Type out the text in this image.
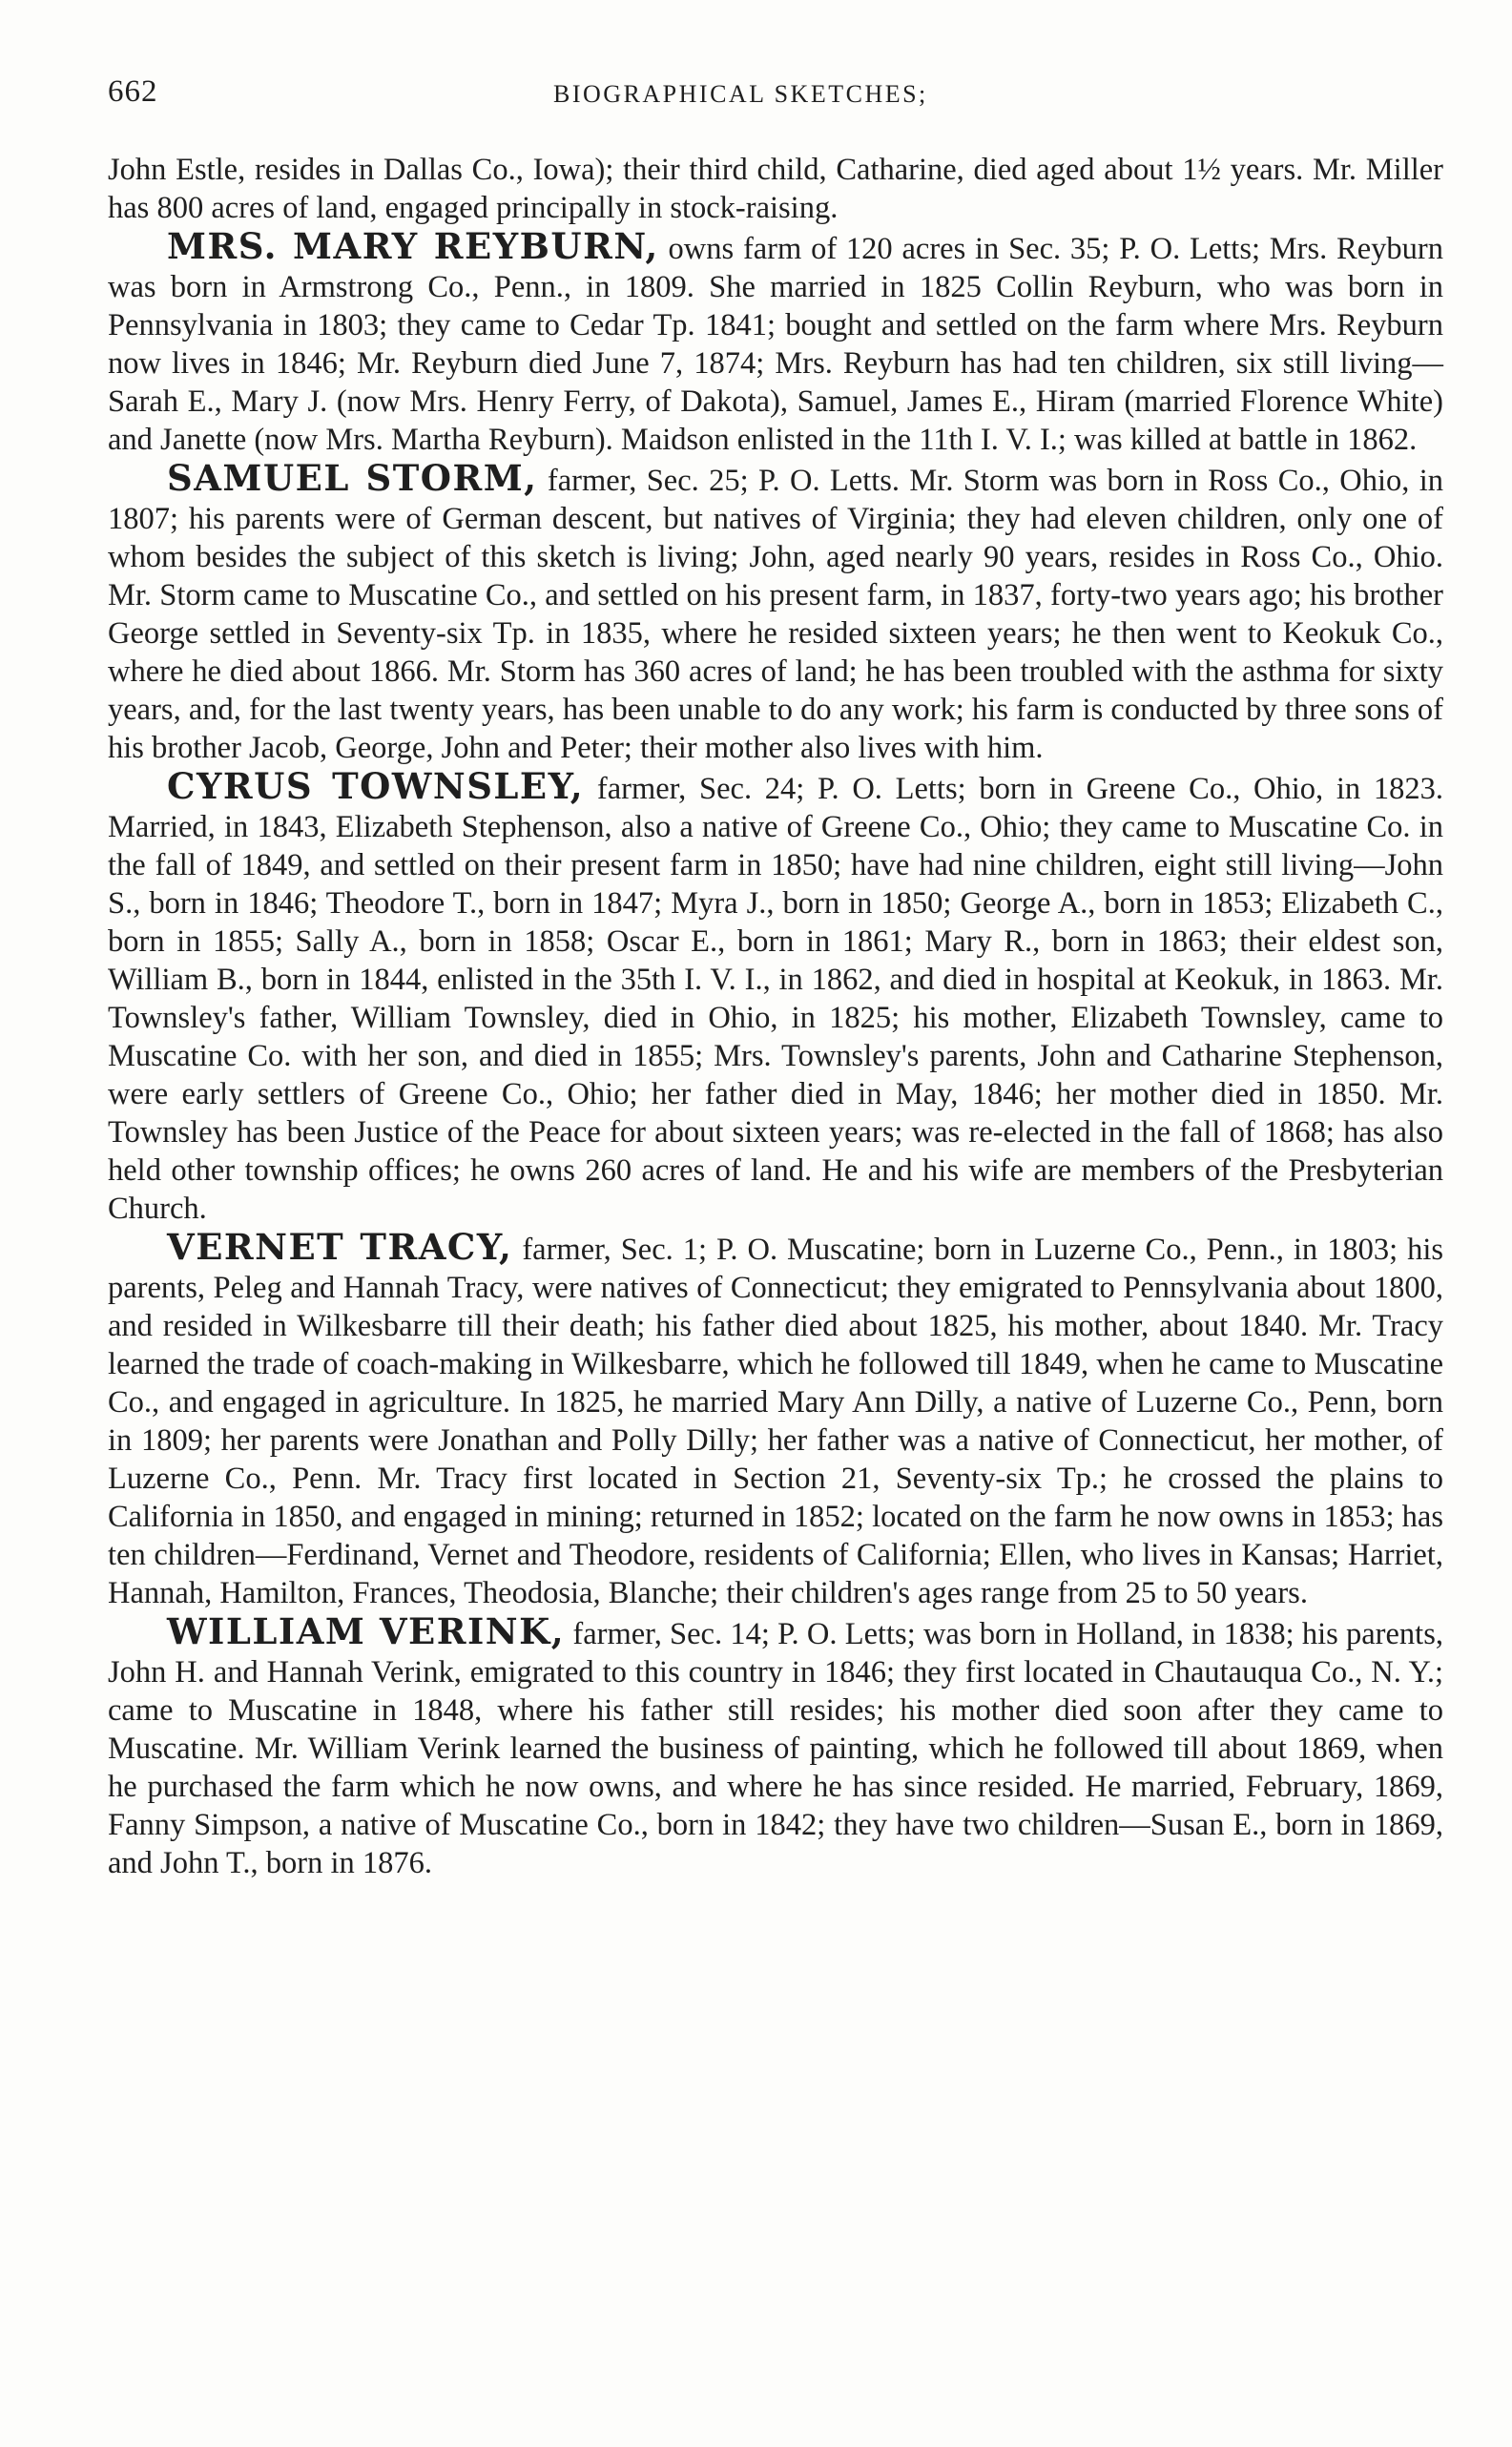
662	BIOGRAPHICAL SKETCHES;

John Estle, resides in Dallas Co., Iowa); their third child, Catharine, died aged about 1½ years. Mr. Miller has 800 acres of land, engaged principally in stock-raising.

MRS. MARY REYBURN, owns farm of 120 acres in Sec. 35; P. O. Letts; Mrs. Reyburn was born in Armstrong Co., Penn., in 1809. She married in 1825 Collin Reyburn, who was born in Pennsylvania in 1803; they came to Cedar Tp. 1841; bought and settled on the farm where Mrs. Reyburn now lives in 1846; Mr. Reyburn died June 7, 1874; Mrs. Reyburn has had ten children, six still living—Sarah E., Mary J. (now Mrs. Henry Ferry, of Dakota), Samuel, James E., Hiram (married Florence White) and Janette (now Mrs. Martha Reyburn). Maidson enlisted in the 11th I. V. I.; was killed at battle in 1862.

SAMUEL STORM, farmer, Sec. 25; P. O. Letts. Mr. Storm was born in Ross Co., Ohio, in 1807; his parents were of German descent, but natives of Virginia; they had eleven children, only one of whom besides the subject of this sketch is living; John, aged nearly 90 years, resides in Ross Co., Ohio. Mr. Storm came to Muscatine Co., and settled on his present farm, in 1837, forty-two years ago; his brother George settled in Seventy-six Tp. in 1835, where he resided sixteen years; he then went to Keokuk Co., where he died about 1866. Mr. Storm has 360 acres of land; he has been troubled with the asthma for sixty years, and, for the last twenty years, has been unable to do any work; his farm is conducted by three sons of his brother Jacob, George, John and Peter; their mother also lives with him.

CYRUS TOWNSLEY, farmer, Sec. 24; P. O. Letts; born in Greene Co., Ohio, in 1823. Married, in 1843, Elizabeth Stephenson, also a native of Greene Co., Ohio; they came to Muscatine Co. in the fall of 1849, and settled on their present farm in 1850; have had nine children, eight still living—John S., born in 1846; Theodore T., born in 1847; Myra J., born in 1850; George A., born in 1853; Elizabeth C., born in 1855; Sally A., born in 1858; Oscar E., born in 1861; Mary R., born in 1863; their eldest son, William B., born in 1844, enlisted in the 35th I. V. I., in 1862, and died in hospital at Keokuk, in 1863. Mr. Townsley's father, William Townsley, died in Ohio, in 1825; his mother, Elizabeth Townsley, came to Muscatine Co. with her son, and died in 1855; Mrs. Townsley's parents, John and Catharine Stephenson, were early settlers of Greene Co., Ohio; her father died in May, 1846; her mother died in 1850. Mr. Townsley has been Justice of the Peace for about sixteen years; was re-elected in the fall of 1868; has also held other township offices; he owns 260 acres of land. He and his wife are members of the Presbyterian Church.

VERNET TRACY, farmer, Sec. 1; P. O. Muscatine; born in Luzerne Co., Penn., in 1803; his parents, Peleg and Hannah Tracy, were natives of Connecticut; they emigrated to Pennsylvania about 1800, and resided in Wilkesbarre till their death; his father died about 1825, his mother, about 1840. Mr. Tracy learned the trade of coach-making in Wilkesbarre, which he followed till 1849, when he came to Muscatine Co., and engaged in agriculture. In 1825, he married Mary Ann Dilly, a native of Luzerne Co., Penn, born in 1809; her parents were Jonathan and Polly Dilly; her father was a native of Connecticut, her mother, of Luzerne Co., Penn. Mr. Tracy first located in Section 21, Seventy-six Tp.; he crossed the plains to California in 1850, and engaged in mining; returned in 1852; located on the farm he now owns in 1853; has ten children—Ferdinand, Vernet and Theodore, residents of California; Ellen, who lives in Kansas; Harriet, Hannah, Hamilton, Frances, Theodosia, Blanche; their children's ages range from 25 to 50 years.

WILLIAM VERINK, farmer, Sec. 14; P. O. Letts; was born in Holland, in 1838; his parents, John H. and Hannah Verink, emigrated to this country in 1846; they first located in Chautauqua Co., N. Y.; came to Muscatine in 1848, where his father still resides; his mother died soon after they came to Muscatine. Mr. William Verink learned the business of painting, which he followed till about 1869, when he purchased the farm which he now owns, and where he has since resided. He married, February, 1869, Fanny Simpson, a native of Muscatine Co., born in 1842; they have two children—Susan E., born in 1869, and John T., born in 1876.
